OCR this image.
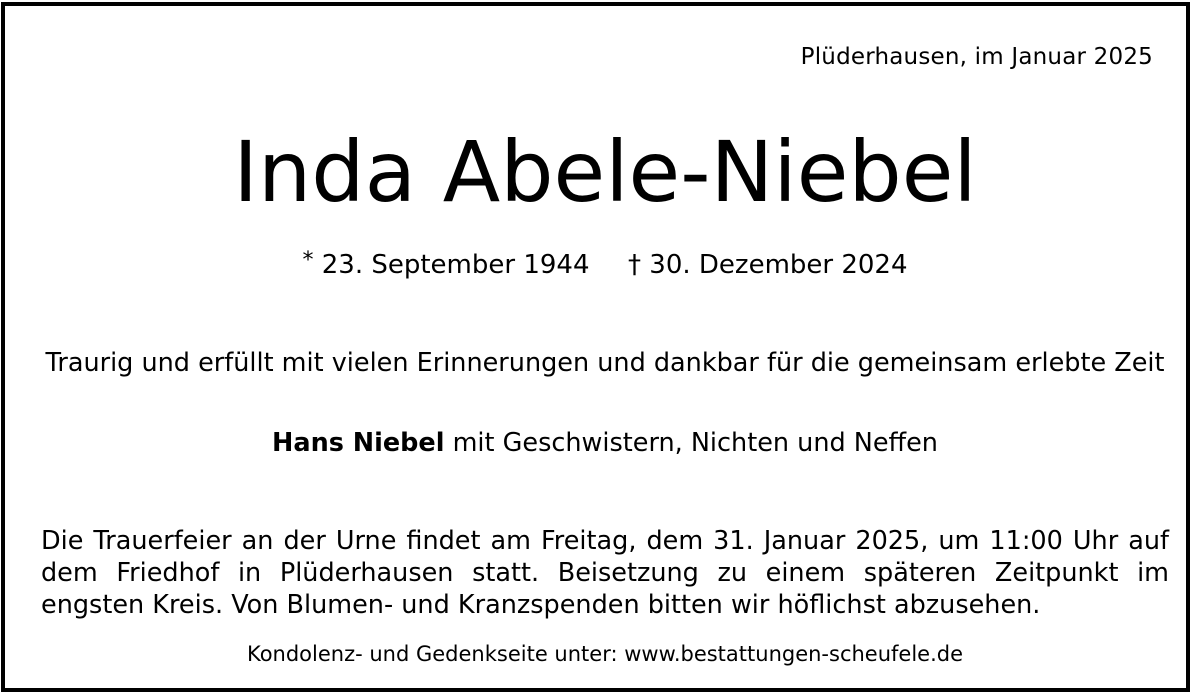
Plüderhausen, im Januar 2025
Inda Abele-Niebel
* 23. September 1944 † 30. Dezember 2024
Traurig und erfüllt mit vielen Erinnerungen und dankbar für die gemeinsam erlebte Zeit
Hans Niebel mit Geschwistern, Nichten und Neffen
Die Trauerfeier an der Urne findet am Freitag, dem 31. Januar 2025, um 11:00 Uhr auf dem Friedhof in Plüderhausen statt. Beisetzung zu einem späteren Zeitpunkt im engsten Kreis. Von Blumen- und Kranzspenden bitten wir höflichst abzusehen.
Kondolenz- und Gedenkseite unter: www.bestattungen-scheufele.de
